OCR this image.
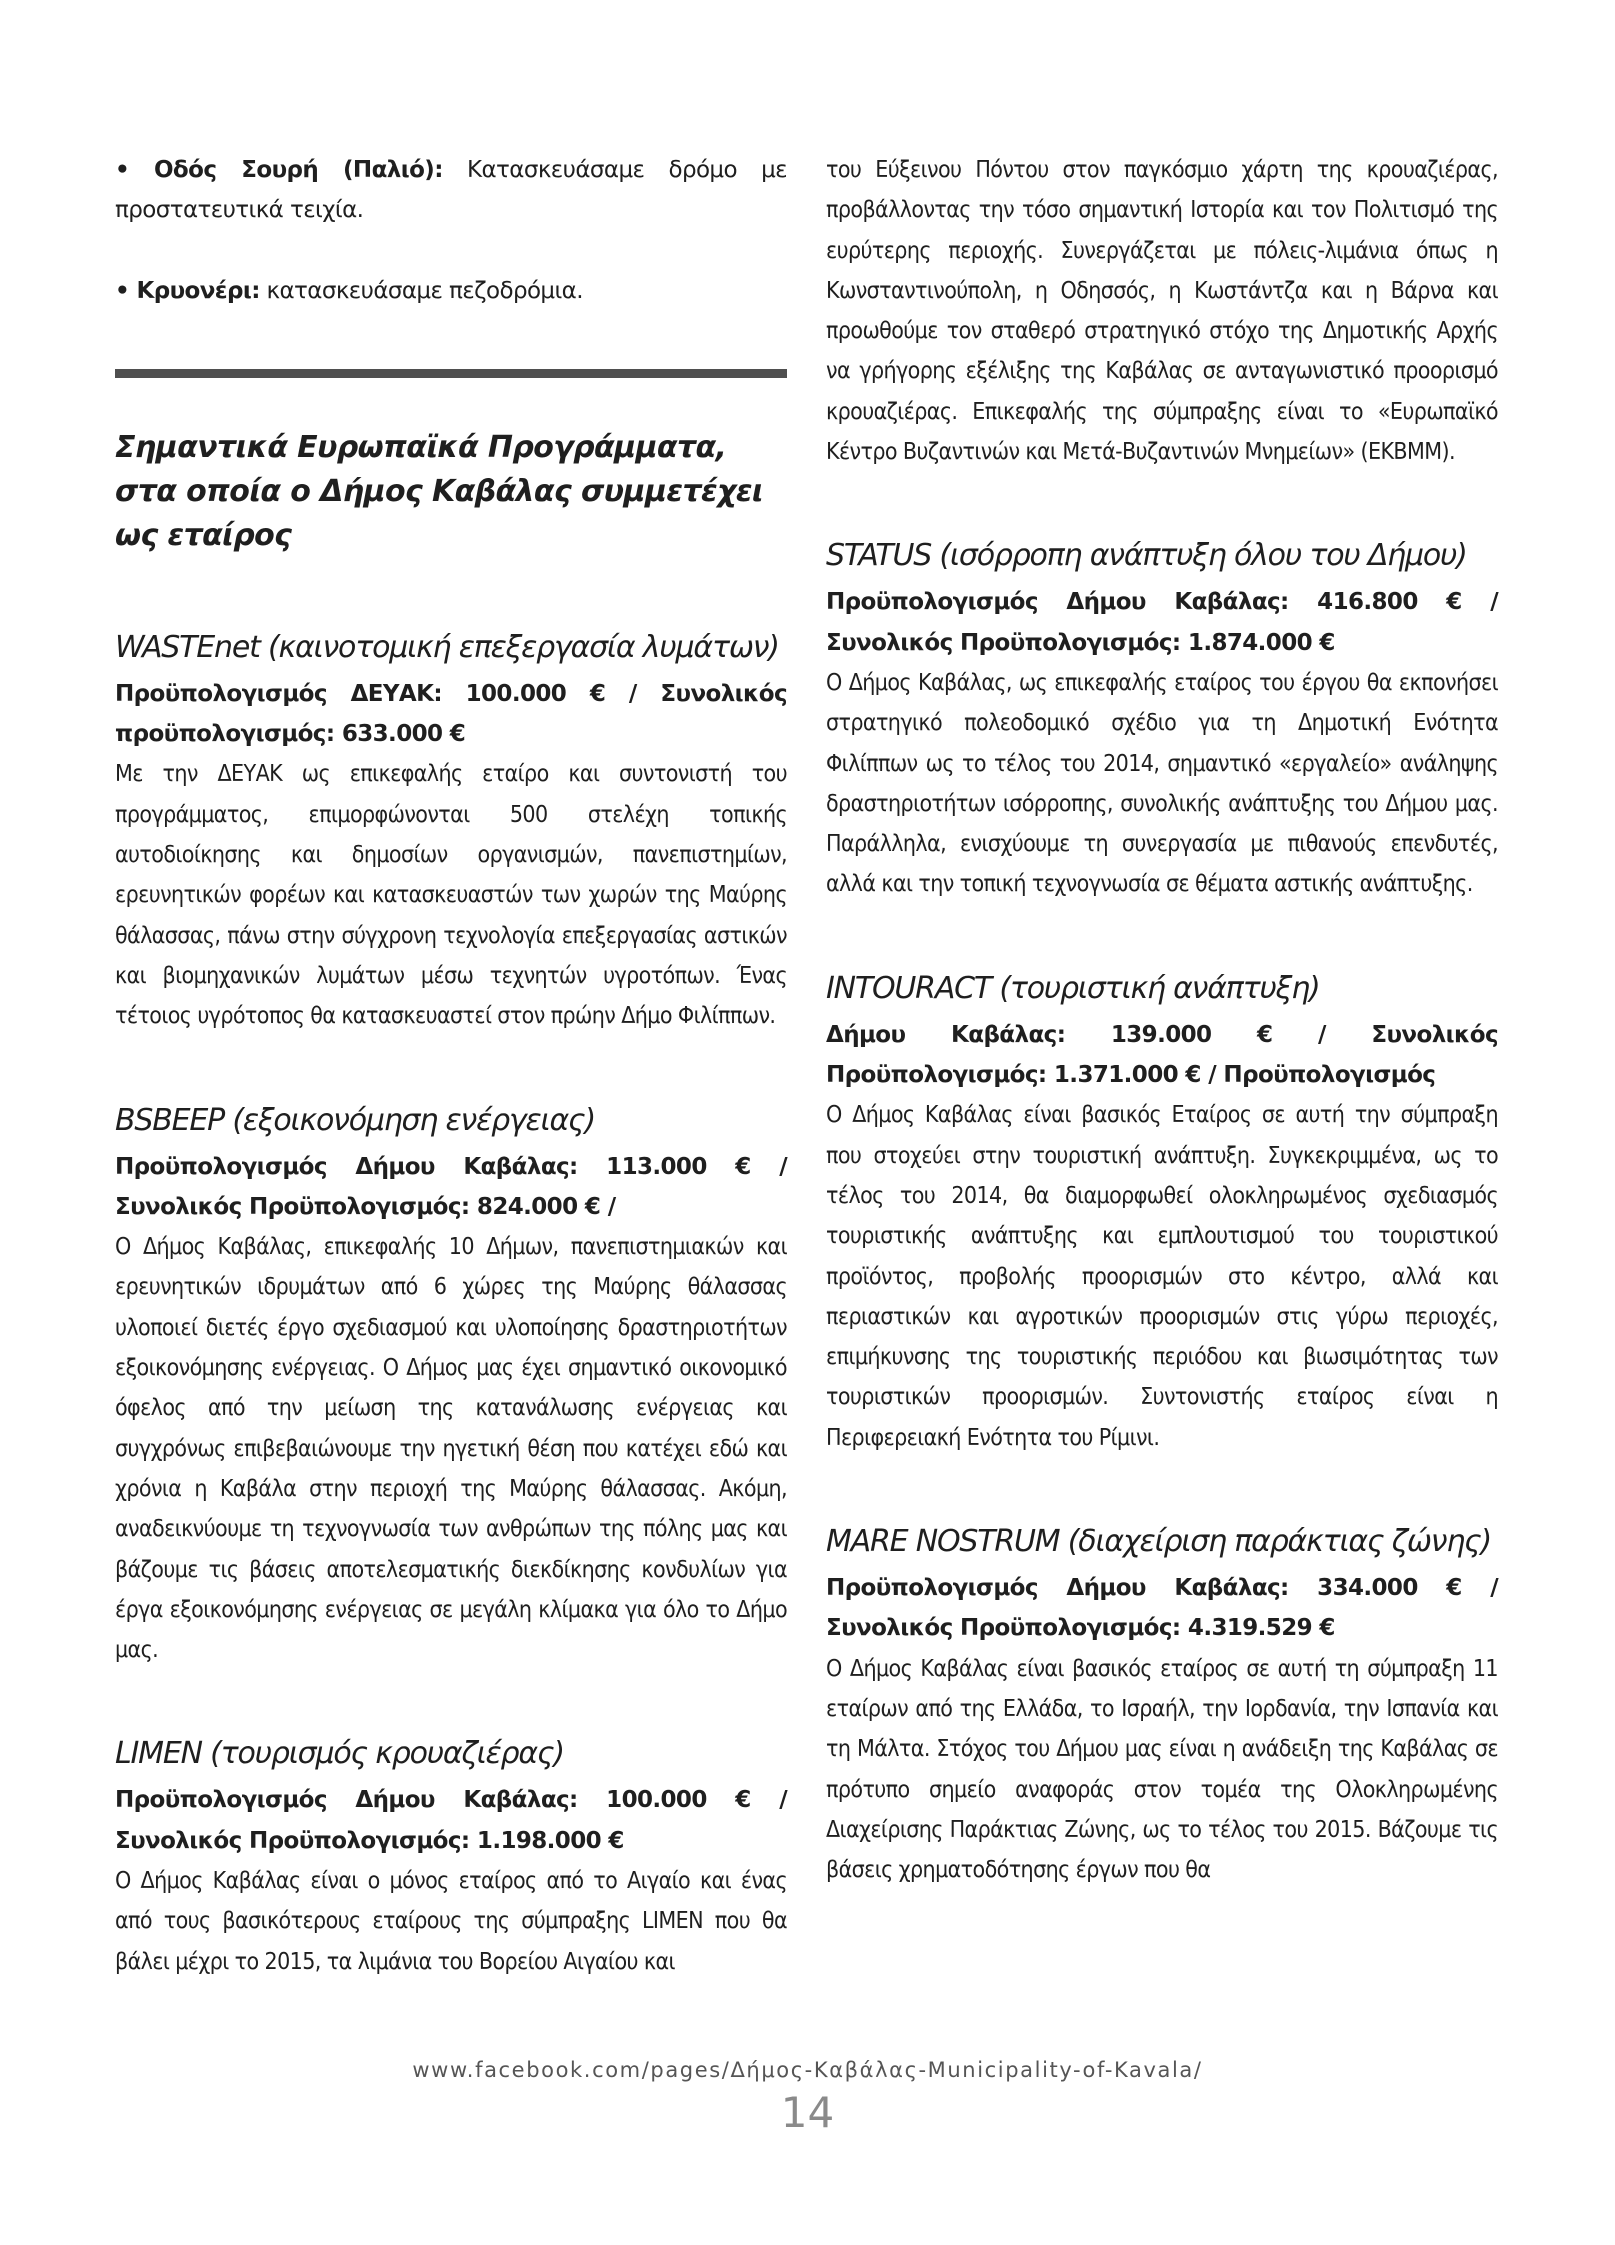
• Οδός Σουρή (Παλιό): Κατασκευάσαμε δρόμο με προστατευτικά τειχία.

• Κρυονέρι: κατασκευάσαμε πεζοδρόμια.

Σημαντικά Ευρωπαϊκά Προγράμματα, στα οποία ο Δήμος Καβάλας συμμετέχει ως εταίρος
WASTEnet (καινοτομική επεξεργασία λυμάτων)

Προϋπολογισμός ΔΕΥΑΚ: 100.000 € / Συνολικός προϋπολογισμός: 633.000 €

Με την ΔΕΥΑΚ ως επικεφαλής εταίρο και συντονιστή του προγράμματος, επιμορφώνονται 500 στελέχη τοπικής αυτοδιοίκησης και δημοσίων οργανισμών, πανεπιστημίων, ερευνητικών φορέων και κατασκευαστών των χωρών της Μαύρης θάλασσας, πάνω στην σύγχρονη τεχνολογία επεξεργασίας αστικών και βιομηχανικών λυμάτων μέσω τεχνητών υγροτόπων. Ένας τέτοιος υγρότοπος θα κατασκευαστεί στον πρώην Δήμο Φιλίππων.

BSBEEP (εξοικονόμηση ενέργειας)

Προϋπολογισμός Δήμου Καβάλας: 113.000 € / Συνολικός Προϋπολογισμός: 824.000 € /

Ο Δήμος Καβάλας, επικεφαλής 10 Δήμων, πανεπιστημιακών και ερευνητικών ιδρυμάτων από 6 χώρες της Μαύρης θάλασσας υλοποιεί διετές έργο σχεδιασμού και υλοποίησης δραστηριοτήτων εξοικονόμησης ενέργειας. Ο Δήμος μας έχει σημαντικό οικονομικό όφελος από την μείωση της κατανάλωσης ενέργειας και συγχρόνως επιβεβαιώνουμε την ηγετική θέση που κατέχει εδώ και χρόνια η Καβάλα στην περιοχή της Μαύρης θάλασσας. Ακόμη, αναδεικνύουμε τη τεχνογνωσία των ανθρώπων της πόλης μας και βάζουμε τις βάσεις αποτελεσματικής διεκδίκησης κονδυλίων για έργα εξοικονόμησης ενέργειας σε μεγάλη κλίμακα για όλο το Δήμο μας.

LIMEN (τουρισμός κρουαζιέρας)

Προϋπολογισμός Δήμου Καβάλας: 100.000 € / Συνολικός Προϋπολογισμός: 1.198.000 €

Ο Δήμος Καβάλας είναι ο μόνος εταίρος από το Αιγαίο και ένας από τους βασικότερους εταίρους της σύμπραξης LIMEN που θα βάλει μέχρι το 2015, τα λιμάνια του Βορείου Αιγαίου και

του Εύξεινου Πόντου στον παγκόσμιο χάρτη της κρουαζιέρας, προβάλλοντας την τόσο σημαντική Ιστορία και τον Πολιτισμό της ευρύτερης περιοχής. Συνεργάζεται με πόλεις-λιμάνια όπως η Κωνσταντινούπολη, η Οδησσός, η Κωστάντζα και η Βάρνα και προωθούμε τον σταθερό στρατηγικό στόχο της Δημοτικής Αρχής να γρήγορης εξέλιξης της Καβάλας σε ανταγωνιστικό προορισμό κρουαζιέρας. Επικεφαλής της σύμπραξης είναι το «Ευρωπαϊκό Κέντρο Βυζαντινών και Μετά-Βυζαντινών Μνημείων» (ΕΚΒΜΜ).

STATUS (ισόρροπη ανάπτυξη όλου του Δήμου)

Προϋπολογισμός Δήμου Καβάλας: 416.800 € / Συνολικός Προϋπολογισμός: 1.874.000 €

Ο Δήμος Καβάλας, ως επικεφαλής εταίρος του έργου θα εκπονήσει στρατηγικό πολεοδομικό σχέδιο για τη Δημοτική Ενότητα Φιλίππων ως το τέλος του 2014, σημαντικό «εργαλείο» ανάληψης δραστηριοτήτων ισόρροπης, συνολικής ανάπτυξης του Δήμου μας. Παράλληλα, ενισχύουμε τη συνεργασία με πιθανούς επενδυτές, αλλά και την τοπική τεχνογνωσία σε θέματα αστικής ανάπτυξης.

INTOURACT (τουριστική ανάπτυξη)

Δήμου Καβάλας: 139.000 € / Συνολικός Προϋπολογισμός: 1.371.000 € / Προϋπολογισμός

Ο Δήμος Καβάλας είναι βασικός Εταίρος σε αυτή την σύμπραξη που στοχεύει στην τουριστική ανάπτυξη. Συγκεκριμμένα, ως το τέλος του 2014, θα διαμορφωθεί ολοκληρωμένος σχεδιασμός τουριστικής ανάπτυξης και εμπλουτισμού του τουριστικού προϊόντος, προβολής προορισμών στο κέντρο, αλλά και περιαστικών και αγροτικών προορισμών στις γύρω περιοχές, επιμήκυνσης της τουριστικής περιόδου και βιωσιμότητας των τουριστικών προορισμών. Συντονιστής εταίρος είναι η Περιφερειακή Ενότητα του Ρίμινι.

MARE NOSTRUM (διαχείριση παράκτιας ζώνης)

Προϋπολογισμός Δήμου Καβάλας: 334.000 € / Συνολικός Προϋπολογισμός: 4.319.529 €

Ο Δήμος Καβάλας είναι βασικός εταίρος σε αυτή τη σύμπραξη 11 εταίρων από της Ελλάδα, το Ισραήλ, την Ιορδανία, την Ισπανία και τη Μάλτα. Στόχος του Δήμου μας είναι η ανάδειξη της Καβάλας σε πρότυπο σημείο αναφοράς στον τομέα της Ολοκληρωμένης Διαχείρισης Παράκτιας Ζώνης, ως το τέλος του 2015. Βάζουμε τις βάσεις χρηματοδότησης έργων που θα

www.facebook.com/pages/Δήμος-Καβάλας-Municipality-of-Kavala/
14
